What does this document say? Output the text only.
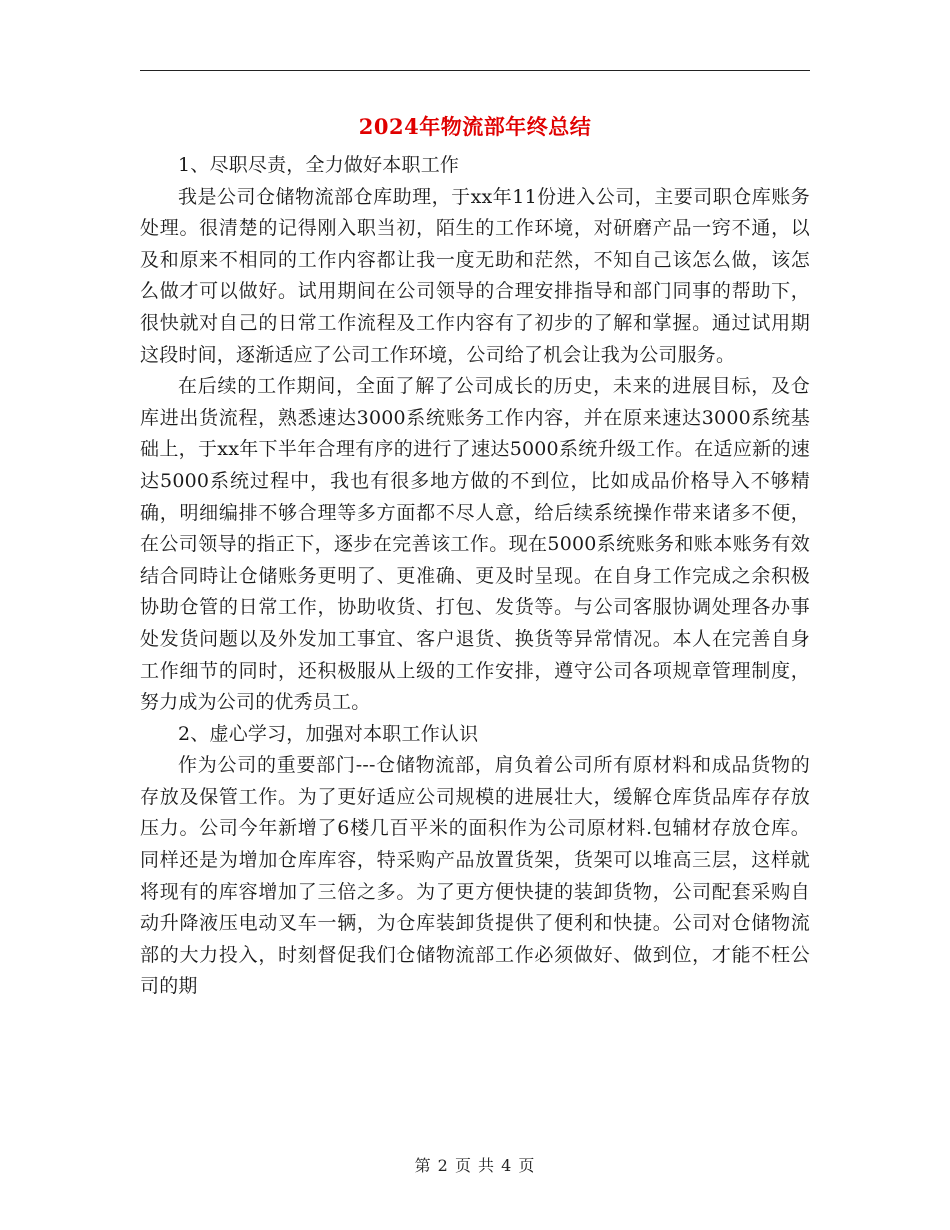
2024年物流部年终总结

1、尽职尽责，全力做好本职工作

我是公司仓储物流部仓库助理，于xx年11份进入公司，主要司职仓库账务处理。很清楚的记得刚入职当初，陌生的工作环境，对研磨产品一窍不通，以及和原来不相同的工作内容都让我一度无助和茫然，不知自己该怎么做，该怎么做才可以做好。试用期间在公司领导的合理安排指导和部门同事的帮助下，很快就对自己的日常工作流程及工作内容有了初步的了解和掌握。通过试用期这段时间，逐渐适应了公司工作环境，公司给了机会让我为公司服务。

在后续的工作期间，全面了解了公司成长的历史，未来的进展目标，及仓库进出货流程，熟悉速达3000系统账务工作内容，并在原来速达3000系统基础上，于xx年下半年合理有序的进行了速达5000系统升级工作。在适应新的速达5000系统过程中，我也有很多地方做的不到位，比如成品价格导入不够精确，明细编排不够合理等多方面都不尽人意，给后续系统操作带来诸多不便，在公司领导的指正下，逐步在完善该工作。现在5000系统账务和账本账务有效结合同時让仓储账务更明了、更准确、更及时呈现。在自身工作完成之余积极协助仓管的日常工作，协助收货、打包、发货等。与公司客服协调处理各办事处发货问题以及外发加工事宜、客户退货、换货等异常情况。本人在完善自身工作细节的同时，还积极服从上级的工作安排，遵守公司各项规章管理制度，努力成为公司的优秀员工。

2、虚心学习，加强对本职工作认识

作为公司的重要部门---仓储物流部，肩负着公司所有原材料和成品货物的存放及保管工作。为了更好适应公司规模的进展壮大，缓解仓库货品库存存放压力。公司今年新增了6楼几百平米的面积作为公司原材料.包辅材存放仓库。同样还是为增加仓库库容，特采购产品放置货架，货架可以堆高三层，这样就将现有的库容增加了三倍之多。为了更方便快捷的装卸货物，公司配套采购自动升降液压电动叉车一辆，为仓库装卸货提供了便利和快捷。公司对仓储物流部的大力投入，时刻督促我们仓储物流部工作必须做好、做到位，才能不枉公司的期

第 2 页 共 4 页
